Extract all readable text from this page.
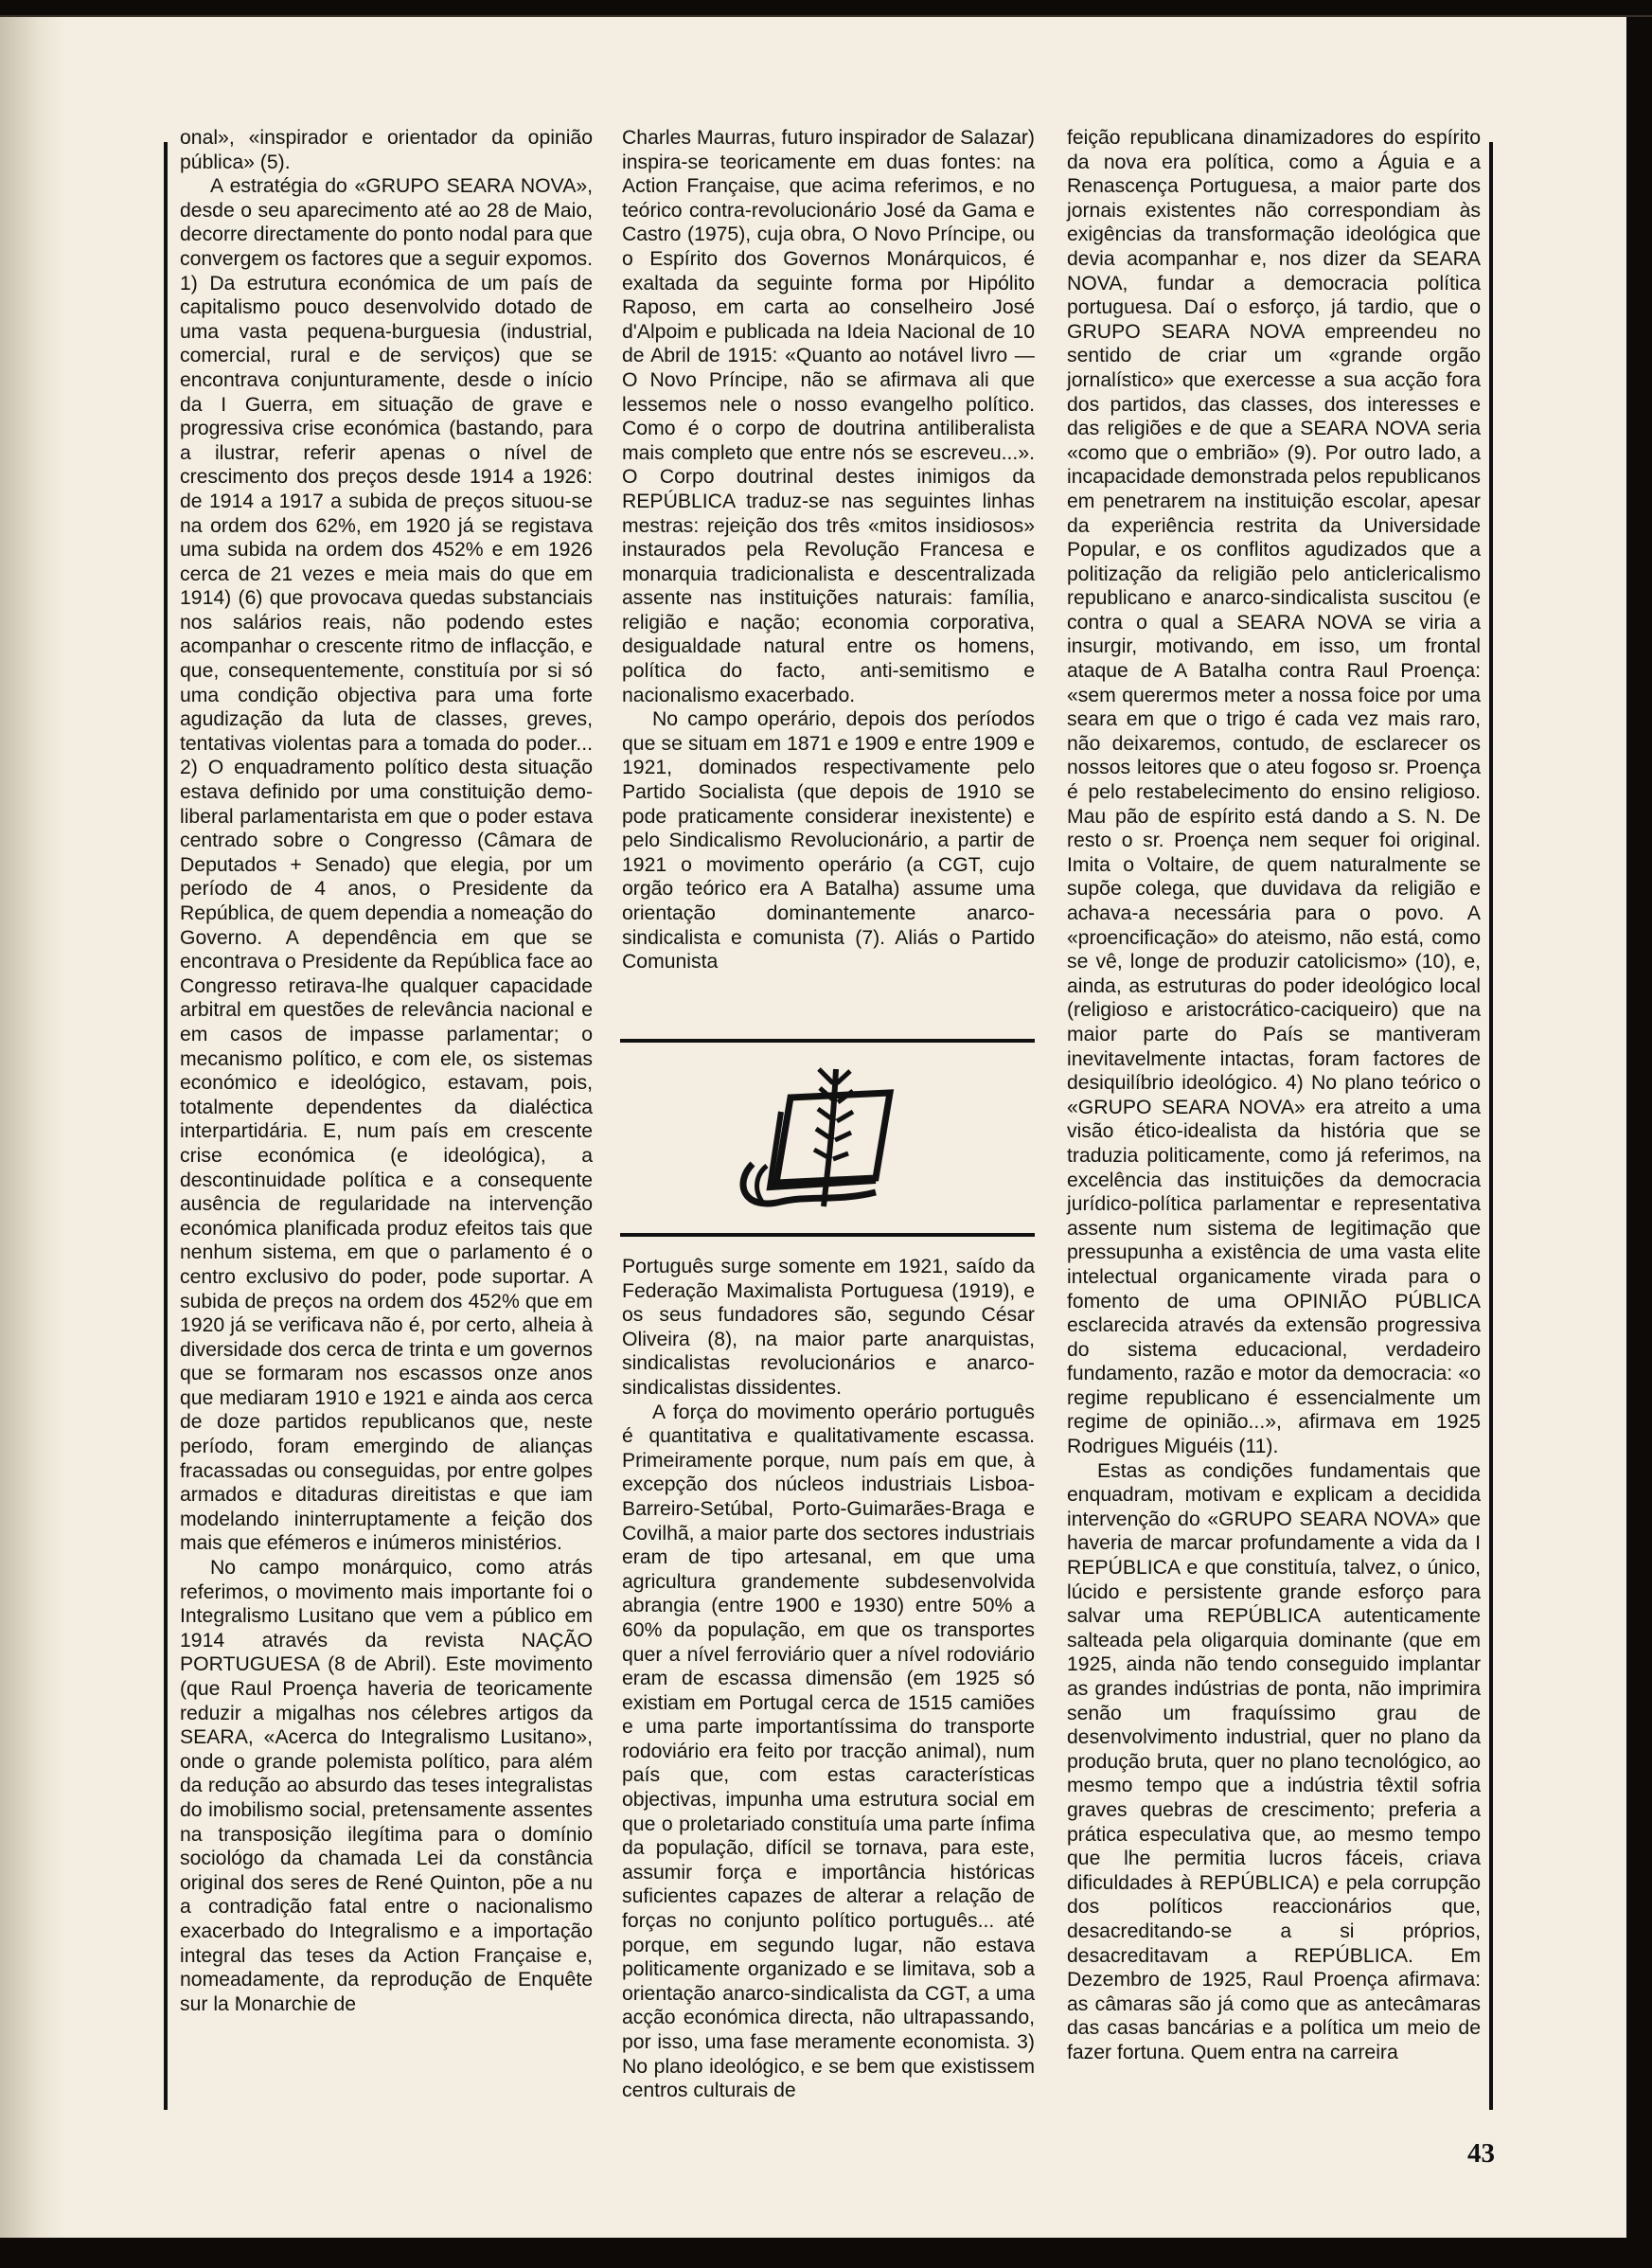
onal», «inspirador e orientador da opinião pública» (5).

A estratégia do «GRUPO SEARA NOVA», desde o seu aparecimento até ao 28 de Maio, decorre directamente do ponto nodal para que convergem os factores que a seguir expomos. 1) Da estrutura económica de um país de capitalismo pouco desenvolvido dotado de uma vasta pequena-burguesia (industrial, comercial, rural e de serviços) que se encontrava conjunturamente, desde o início da I Guerra, em situação de grave e progressiva crise económica (bastando, para a ilustrar, referir apenas o nível de crescimento dos preços desde 1914 a 1926: de 1914 a 1917 a subida de preços situou-se na ordem dos 62%, em 1920 já se registava uma subida na ordem dos 452% e em 1926 cerca de 21 vezes e meia mais do que em 1914) (6) que provocava quedas substanciais nos salários reais, não podendo estes acompanhar o crescente ritmo de inflacção, e que, consequentemente, constituía por si só uma condição objectiva para uma forte agudização da luta de classes, greves, tentativas violentas para a tomada do poder... 2) O enquadramento político desta situação estava definido por uma constituição demo-liberal parlamentarista em que o poder estava centrado sobre o Congresso (Câmara de Deputados + Senado) que elegia, por um período de 4 anos, o Presidente da República, de quem dependia a nomeação do Governo. A dependência em que se encontrava o Presidente da República face ao Congresso retirava-lhe qualquer capacidade arbitral em questões de relevância nacional e em casos de impasse parlamentar; o mecanismo político, e com ele, os sistemas económico e ideológico, estavam, pois, totalmente dependentes da dialéctica interpartidária. E, num país em crescente crise económica (e ideológica), a descontinuidade política e a consequente ausência de regularidade na intervenção económica planificada produz efeitos tais que nenhum sistema, em que o parlamento é o centro exclusivo do poder, pode suportar. A subida de preços na ordem dos 452% que em 1920 já se verificava não é, por certo, alheia à diversidade dos cerca de trinta e um governos que se formaram nos escassos onze anos que mediaram 1910 e 1921 e ainda aos cerca de doze partidos republicanos que, neste período, foram emergindo de alianças fracassadas ou conseguidas, por entre golpes armados e ditaduras direitistas e que iam modelando ininterruptamente a feição dos mais que efémeros e inúmeros ministérios.

No campo monárquico, como atrás referimos, o movimento mais importante foi o Integralismo Lusitano que vem a público em 1914 através da revista NAÇÃO PORTUGUESA (8 de Abril). Este movimento (que Raul Proença haveria de teoricamente reduzir a migalhas nos célebres artigos da SEARA, «Acerca do Integralismo Lusitano», onde o grande polemista político, para além da redução ao absurdo das teses integralistas do imobilismo social, pretensamente assentes na transposição ilegítima para o domínio sociológo da chamada Lei da constância original dos seres de René Quinton, põe a nu a contradição fatal entre o nacionalismo exacerbado do Integralismo e a importação integral das teses da Action Française e, nomeadamente, da reprodução de Enquête sur la Monarchie de

Charles Maurras, futuro inspirador de Salazar) inspira-se teoricamente em duas fontes: na Action Française, que acima referimos, e no teórico contra-revolucionário José da Gama e Castro (1975), cuja obra, O Novo Príncipe, ou o Espírito dos Governos Monárquicos, é exaltada da seguinte forma por Hipólito Raposo, em carta ao conselheiro José d'Alpoim e publicada na Ideia Nacional de 10 de Abril de 1915: «Quanto ao notável livro — O Novo Príncipe, não se afirmava ali que lessemos nele o nosso evangelho político. Como é o corpo de doutrina antiliberalista mais completo que entre nós se escreveu...». O Corpo doutrinal destes inimigos da REPÚBLICA traduz-se nas seguintes linhas mestras: rejeição dos três «mitos insidiosos» instaurados pela Revolução Francesa e monarquia tradicionalista e descentralizada assente nas instituições naturais: família, religião e nação; economia corporativa, desigualdade natural entre os homens, política do facto, anti-semitismo e nacionalismo exacerbado.

No campo operário, depois dos períodos que se situam em 1871 e 1909 e entre 1909 e 1921, dominados respectivamente pelo Partido Socialista (que depois de 1910 se pode praticamente considerar inexistente) e pelo Sindicalismo Revolucionário, a partir de 1921 o movimento operário (a CGT, cujo orgão teórico era A Batalha) assume uma orientação dominantemente anarco-sindicalista e comunista (7). Aliás o Partido Comunista

Português surge somente em 1921, saído da Federação Maximalista Portuguesa (1919), e os seus fundadores são, segundo César Oliveira (8), na maior parte anarquistas, sindicalistas revolucionários e anarco-sindicalistas dissidentes.

A força do movimento operário português é quantitativa e qualitativamente escassa. Primeiramente porque, num país em que, à excepção dos núcleos industriais Lisboa-Barreiro-Setúbal, Porto-Guimarães-Braga e Covilhã, a maior parte dos sectores industriais eram de tipo artesanal, em que uma agricultura grandemente subdesenvolvida abrangia (entre 1900 e 1930) entre 50% a 60% da população, em que os transportes quer a nível ferroviário quer a nível rodoviário eram de escassa dimensão (em 1925 só existiam em Portugal cerca de 1515 camiões e uma parte importantíssima do transporte rodoviário era feito por tracção animal), num país que, com estas características objectivas, impunha uma estrutura social em que o proletariado constituía uma parte ínfima da população, difícil se tornava, para este, assumir força e importância históricas suficientes capazes de alterar a relação de forças no conjunto político português... até porque, em segundo lugar, não estava politicamente organizado e se limitava, sob a orientação anarco-sindicalista da CGT, a uma acção económica directa, não ultrapassando, por isso, uma fase meramente economista. 3) No plano ideológico, e se bem que existissem centros culturais de

feição republicana dinamizadores do espírito da nova era política, como a Águia e a Renascença Portuguesa, a maior parte dos jornais existentes não correspondiam às exigências da transformação ideológica que devia acompanhar e, nos dizer da SEARA NOVA, fundar a democracia política portuguesa. Daí o esforço, já tardio, que o GRUPO SEARA NOVA empreendeu no sentido de criar um «grande orgão jornalístico» que exercesse a sua acção fora dos partidos, das classes, dos interesses e das religiões e de que a SEARA NOVA seria «como que o embrião» (9). Por outro lado, a incapacidade demonstrada pelos republicanos em penetrarem na instituição escolar, apesar da experiência restrita da Universidade Popular, e os conflitos agudizados que a politização da religião pelo anticlericalismo republicano e anarco-sindicalista suscitou (e contra o qual a SEARA NOVA se viria a insurgir, motivando, em isso, um frontal ataque de A Batalha contra Raul Proença: «sem querermos meter a nossa foice por uma seara em que o trigo é cada vez mais raro, não deixaremos, contudo, de esclarecer os nossos leitores que o ateu fogoso sr. Proença é pelo restabelecimento do ensino religioso. Mau pão de espírito está dando a S. N. De resto o sr. Proença nem sequer foi original. Imita o Voltaire, de quem naturalmente se supõe colega, que duvidava da religião e achava-a necessária para o povo. A «proencificação» do ateismo, não está, como se vê, longe de produzir catolicismo» (10), e, ainda, as estruturas do poder ideológico local (religioso e aristocrático-caciqueiro) que na maior parte do País se mantiveram inevitavelmente intactas, foram factores de desiquilíbrio ideológico. 4) No plano teórico o «GRUPO SEARA NOVA» era atreito a uma visão ético-idealista da história que se traduzia politicamente, como já referimos, na excelência das instituições da democracia jurídico-política parlamentar e representativa assente num sistema de legitimação que pressupunha a existência de uma vasta elite intelectual organicamente virada para o fomento de uma OPINIÃO PÚBLICA esclarecida através da extensão progressiva do sistema educacional, verdadeiro fundamento, razão e motor da democracia: «o regime republicano é essencialmente um regime de opinião...», afirmava em 1925 Rodrigues Miguéis (11).

Estas as condições fundamentais que enquadram, motivam e explicam a decidida intervenção do «GRUPO SEARA NOVA» que haveria de marcar profundamente a vida da I REPÚBLICA e que constituía, talvez, o único, lúcido e persistente grande esforço para salvar uma REPÚBLICA autenticamente salteada pela oligarquia dominante (que em 1925, ainda não tendo conseguido implantar as grandes indústrias de ponta, não imprimira senão um fraquíssimo grau de desenvolvimento industrial, quer no plano da produção bruta, quer no plano tecnológico, ao mesmo tempo que a indústria têxtil sofria graves quebras de crescimento; preferia a prática especulativa que, ao mesmo tempo que lhe permitia lucros fáceis, criava dificuldades à REPÚBLICA) e pela corrupção dos políticos reaccionários que, desacreditando-se a si próprios, desacreditavam a REPÚBLICA. Em Dezembro de 1925, Raul Proença afirmava: as câmaras são já como que as antecâmaras das casas bancárias e a política um meio de fazer fortuna. Quem entra na carreira

43
